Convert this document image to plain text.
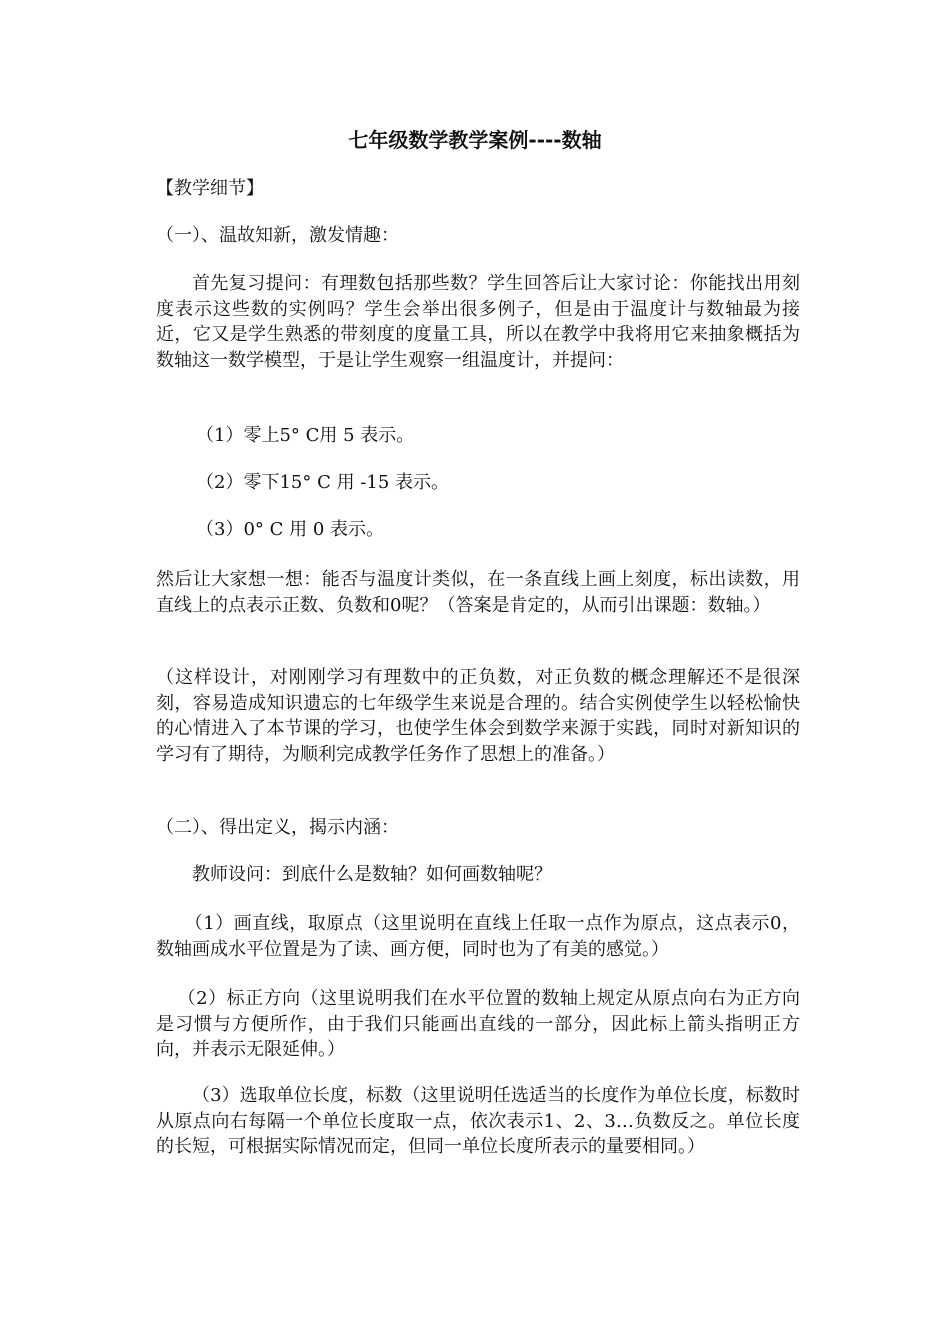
七年级数学教学案例----数轴

【教学细节】

（一）、温故知新，激发情趣：

首先复习提问：有理数包括那些数？学生回答后让大家讨论：你能找出用刻度表示这些数的实例吗？学生会举出很多例子，但是由于温度计与数轴最为接近，它又是学生熟悉的带刻度的度量工具，所以在教学中我将用它来抽象概括为数轴这一数学模型，于是让学生观察一组温度计，并提问：

（1）零上5° C用 5 表示。

（2）零下15° C 用 -15 表示。

（3）0° C 用 0 表示。

然后让大家想一想：能否与温度计类似，在一条直线上画上刻度，标出读数，用直线上的点表示正数、负数和0呢？（答案是肯定的，从而引出课题：数轴。）

（这样设计，对刚刚学习有理数中的正负数，对正负数的概念理解还不是很深刻，容易造成知识遗忘的七年级学生来说是合理的。结合实例使学生以轻松愉快的心情进入了本节课的学习，也使学生体会到数学来源于实践，同时对新知识的学习有了期待，为顺利完成教学任务作了思想上的准备。）

（二）、得出定义，揭示内涵：

教师设问：到底什么是数轴？如何画数轴呢？

（1）画直线，取原点（这里说明在直线上任取一点作为原点，这点表示0，数轴画成水平位置是为了读、画方便，同时也为了有美的感觉。）

（2）标正方向（这里说明我们在水平位置的数轴上规定从原点向右为正方向是习惯与方便所作，由于我们只能画出直线的一部分，因此标上箭头指明正方向，并表示无限延伸。）

（3）选取单位长度，标数（这里说明任选适当的长度作为单位长度，标数时从原点向右每隔一个单位长度取一点，依次表示1、2、3…负数反之。单位长度的长短，可根据实际情况而定，但同一单位长度所表示的量要相同。）
